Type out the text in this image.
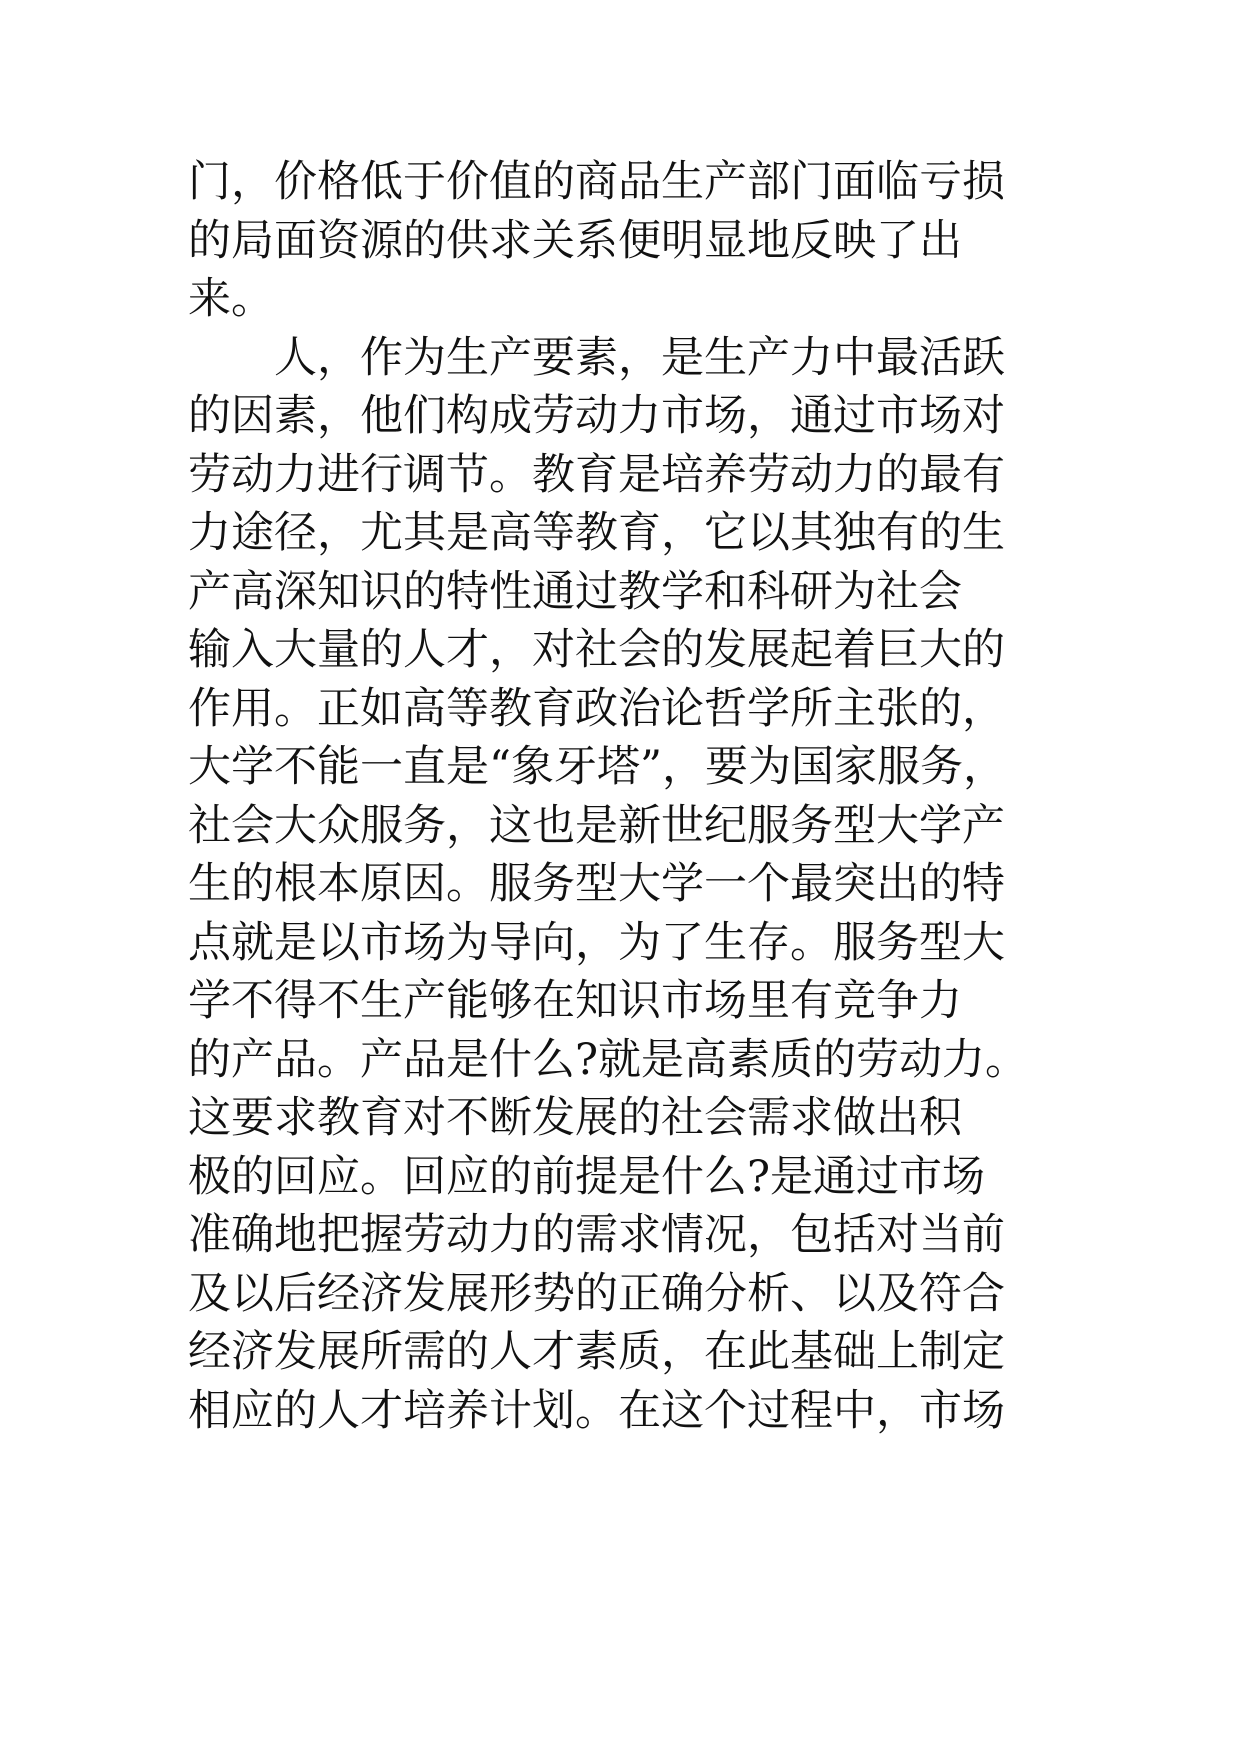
门，价格低于价值的商品生产部门面临亏损
的局面资源的供求关系便明显地反映了出
来。
　　人，作为生产要素，是生产力中最活跃
的因素，他们构成劳动力市场，通过市场对
劳动力进行调节。教育是培养劳动力的最有
力途径，尤其是高等教育，它以其独有的生
产高深知识的特性通过教学和科研为社会
输入大量的人才，对社会的发展起着巨大的
作用。正如高等教育政治论哲学所主张的，
大学不能一直是“象牙塔”，要为国家服务，
社会大众服务，这也是新世纪服务型大学产
生的根本原因。服务型大学一个最突出的特
点就是以市场为导向，为了生存。服务型大
学不得不生产能够在知识市场里有竞争力
的产品。产品是什么?就是高素质的劳动力。
这要求教育对不断发展的社会需求做出积
极的回应。回应的前提是什么?是通过市场
准确地把握劳动力的需求情况，包括对当前
及以后经济发展形势的正确分析、以及符合
经济发展所需的人才素质，在此基础上制定
相应的人才培养计划。在这个过程中，市场
